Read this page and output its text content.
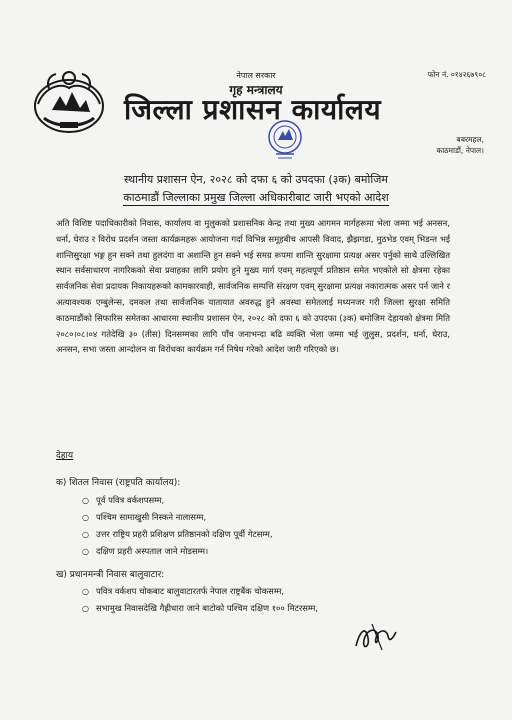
नेपाल सरकार
गृह मन्त्रालय
फोन नं. ०१४२६७९०८
जिल्ला प्रशासन कार्यालय
बबरमहल,
काठमाडौं, नेपाल।
स्थानीय प्रशासन ऐन, २०२८ को दफा ६ को उपदफा (३क) बमोजिम
काठमाडौं जिल्लाका प्रमुख जिल्ला अधिकारीबाट जारी भएको आदेश

अति विशिष्ट पदाधिकारीको निवास, कार्यालय वा मुलुकको प्रशासनिक केन्द्र तथा मुख्य आगमन मार्गहरूमा भेला जम्मा भई अनसन, धर्ना, घेराउ र विरोध प्रदर्शन जस्ता कार्यक्रमहरू आयोजना गर्दा विभिन्न समूहबीच आपसी विवाद, झैझगडा, मुठभेड एवम् भिडन्त भई शान्तिसुरक्षा भङ्ग हुन सक्ने तथा हुलदंगा वा अशान्ति हुन सक्ने भई समग्र रूपमा शान्ति सुरक्षामा प्रत्यक्ष असर पर्नुको साथै उल्लिखित स्थान सर्वसाधारण नागरिकको सेवा प्रवाहका लागि प्रयोग हुने मुख्य मार्ग एवम् महत्वपूर्ण प्रतिष्ठान समेत भएकोले सो क्षेत्रमा रहेका सार्वजनिक सेवा प्रदायक निकायहरूको कामकारवाही, सार्वजनिक सम्पत्ति संरक्षण एवम् सुरक्षामा प्रत्यक्ष नकारात्मक असर पर्न जाने र अत्यावश्यक एम्बुलेन्स, दमकल तथा सार्वजनिक यातायात अवरुद्ध हुने अवस्था समेतलाई मध्यनजर गरी जिल्ला सुरक्षा समिति काठमाडौंको सिफारिस समेतका आधारमा स्थानीय प्रशासन ऐन, २०२८ को दफा ६ को उपदफा (३क) बमोजिम देहायको क्षेत्रमा मिति २०८०।०८।०४ गतेदेखि ३० (तीस) दिनसम्मका लागि पाँच जनाभन्दा बढि व्यक्ति भेला जम्मा भई जुलुस, प्रदर्शन, धर्ना, घेराउ, अनसन, सभा जस्ता आन्दोलन वा विरोधका कार्यक्रम गर्न निषेध गरेको आदेश जारी गरिएको छ।

देहाय
क) शितल निवास (राष्ट्रपति कार्यालय):
○ पूर्व पवित्र वर्कशपसम्म,
○ पश्चिम सामाखुसी निस्कने नालासम्म,
○ उत्तर राष्ट्रिय प्रहरी प्रशिक्षण प्रतिष्ठानको दक्षिण पूर्वी गेटसम्म,
○ दक्षिण प्रहरी अस्पताल जाने मोडसम्म।
ख) प्रधानमन्त्री निवास बालुवाटार:
○ पवित्र वर्कशप चोकबाट बालुवाटारतर्फ नेपाल राष्ट्रबैंक चोकसम्म,
○ सभामुख निवासदेखि गैह्रीधारा जाने बाटोको पश्चिम दक्षिण १०० मिटरसम्म,
